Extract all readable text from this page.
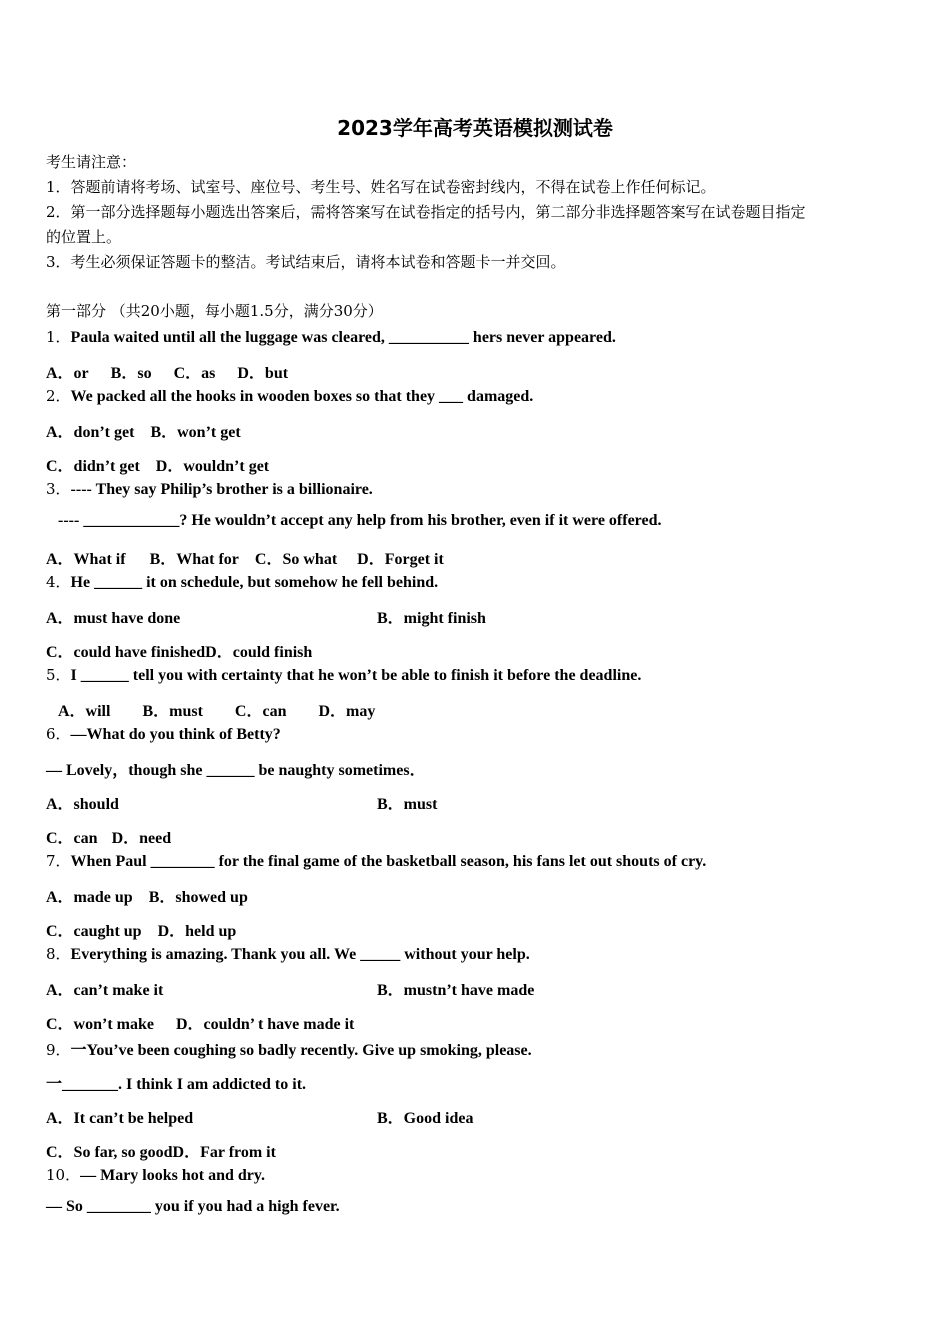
2023学年高考英语模拟测试卷
考生请注意：
1．答题前请将考场、试室号、座位号、考生号、姓名写在试卷密封线内，不得在试卷上作任何标记。
2．第一部分选择题每小题选出答案后，需将答案写在试卷指定的括号内，第二部分非选择题答案写在试卷题目指定
的位置上。
3．考生必须保证答题卡的整洁。考试结束后，请将本试卷和答题卡一并交回。
第一部分 （共20小题，每小题1.5分，满分30分）
1．Paula waited until all the luggage was cleared, __________ hers never appeared.
A．or B．so C．as D．but
2．We packed all the hooks in wooden boxes so that they ___ damaged.
A．don’t get B．won’t get
C．didn’t get D．wouldn’t get
3．---- They say Philip’s brother is a billionaire.
---- ____________? He wouldn’t accept any help from his brother, even if it were offered.
A．What if B．What for C．So what D．Forget it
4．He ______ it on schedule, but somehow he fell behind.
A．must have done	B．might finish
C．could have finishedD．could finish
5．I ______ tell you with certainty that he won’t be able to finish it before the deadline.
A．will B．must C．can D．may
6．—What do you think of Betty?
— Lovely，though she ______ be naughty sometimes．
A．should	B．must
C．can D．need
7．When Paul ________ for the final game of the basketball season, his fans let out shouts of cry.
A．made up B．showed up
C．caught up D．held up
8．Everything is amazing. Thank you all. We _____ without your help.
A．can’t make it	B．mustn’t have made
C．won’t make D．couldn’ t have made it
9．一You’ve been coughing so badly recently. Give up smoking, please.
一_______. I think I am addicted to it.
A．It can’t be helped	B．Good idea
C．So far, so goodD．Far from it
10．— Mary looks hot and dry.
— So ________ you if you had a high fever.
